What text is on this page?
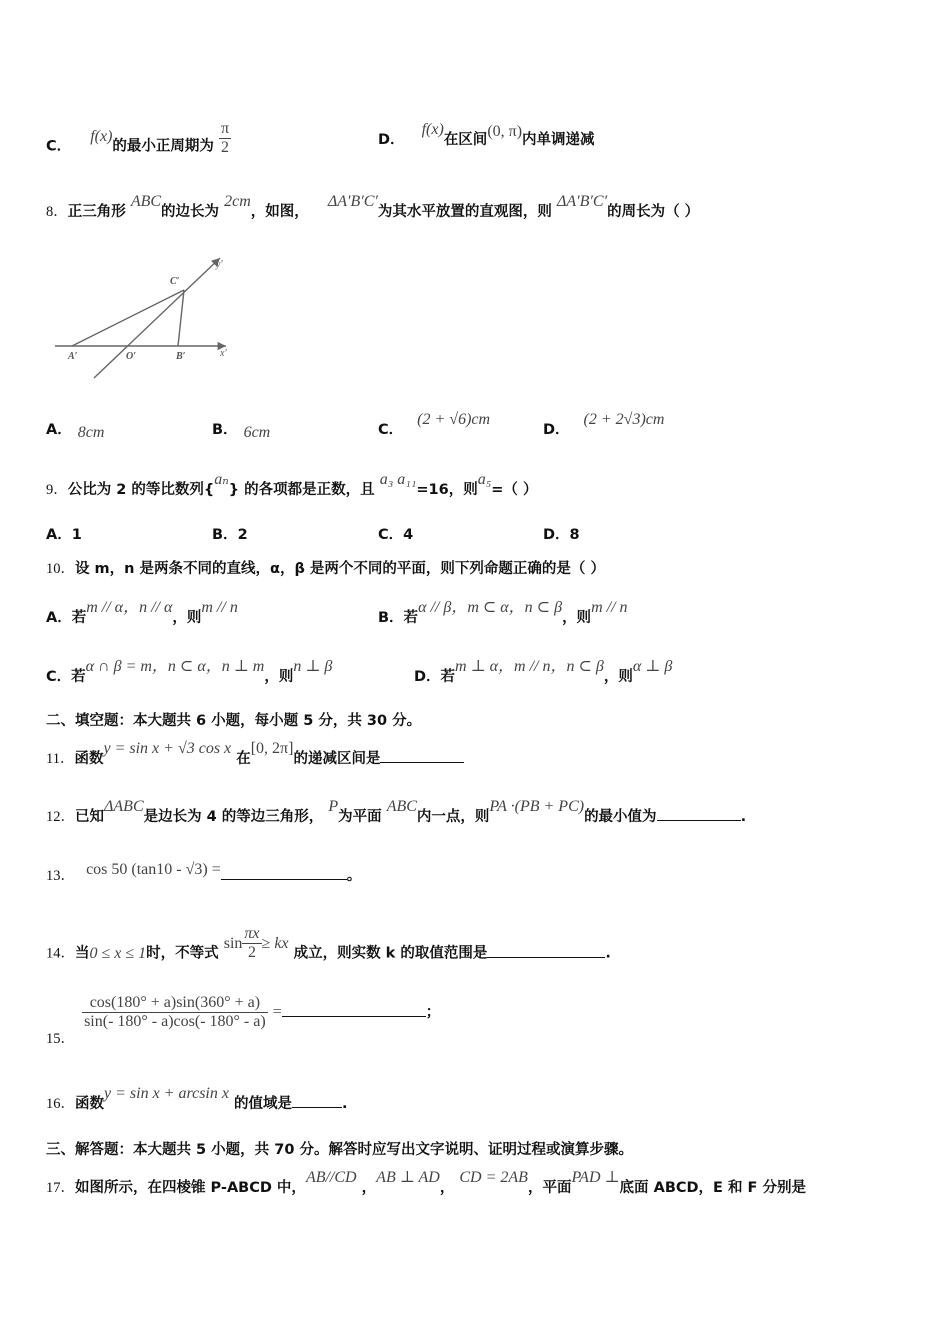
C． f(x)的最小正周期为 $\frac{\pi}{2}$	D． f(x)在区间(0, π)内单调递减
8．正三角形 ABC的边长为 2cm，如图， ΔA′B′C′为其水平放置的直观图，则 ΔA′B′C′的周长为（ ）
y′
C′
A′	O′	B′	x′
A． 8cm	B． 6cm	C．(2 + √6)cm
D．(2 + 2√3)cm
9．公比为 2 的等比数列{aₙ} 的各项都是正数，且 a₃ a₁₁=16，则a₅=（ ）
A．1	B．2	C．4	D．8
10．设 m，n 是两条不同的直线，α，β 是两个不同的平面，则下列命题正确的是（ ）
A．若m // α，n // α，则m // n
B．若α // β，m ⊂ α，n ⊂ β，则m // n
C．若α ∩ β = m，n ⊂ α，n ⊥ m，则n ⊥ β
D．若m ⊥ α，m // n，n ⊂ β，则α ⊥ β
二、填空题：本大题共 6 小题，每小题 5 分，共 30 分。
11．函数y = sin x + √3 cos x 在[0, 2π]的递减区间是
12．已知ΔABC是边长为 4 的等边三角形， P为平面 ABC内一点，则PA ·(PB + PC)的最小值为	.
13． cos 50 (tan10 - √3) =	。
14．当0 ≤ x ≤ 1时，不等式 $\sin \frac{\pi x}{2}$ ≥ kx 成立，则实数 k 的取值范围是	.
15．
$\frac{\cos(180^\circ + a)\sin(360^\circ + a)}{\sin(- 180^\circ - a)\cos(- 180^\circ - a)}$ =	；
16．函数y = sin x + arcsin x 的值域是	.
三、解答题：本大题共 5 小题，共 70 分。解答时应写出文字说明、证明过程或演算步骤。
17．如图所示，在四棱锥 P-ABCD 中，AB//CD ，AB ⊥ AD， CD = 2AB，平面PAD ⊥底面 ABCD，E 和 F 分别是
